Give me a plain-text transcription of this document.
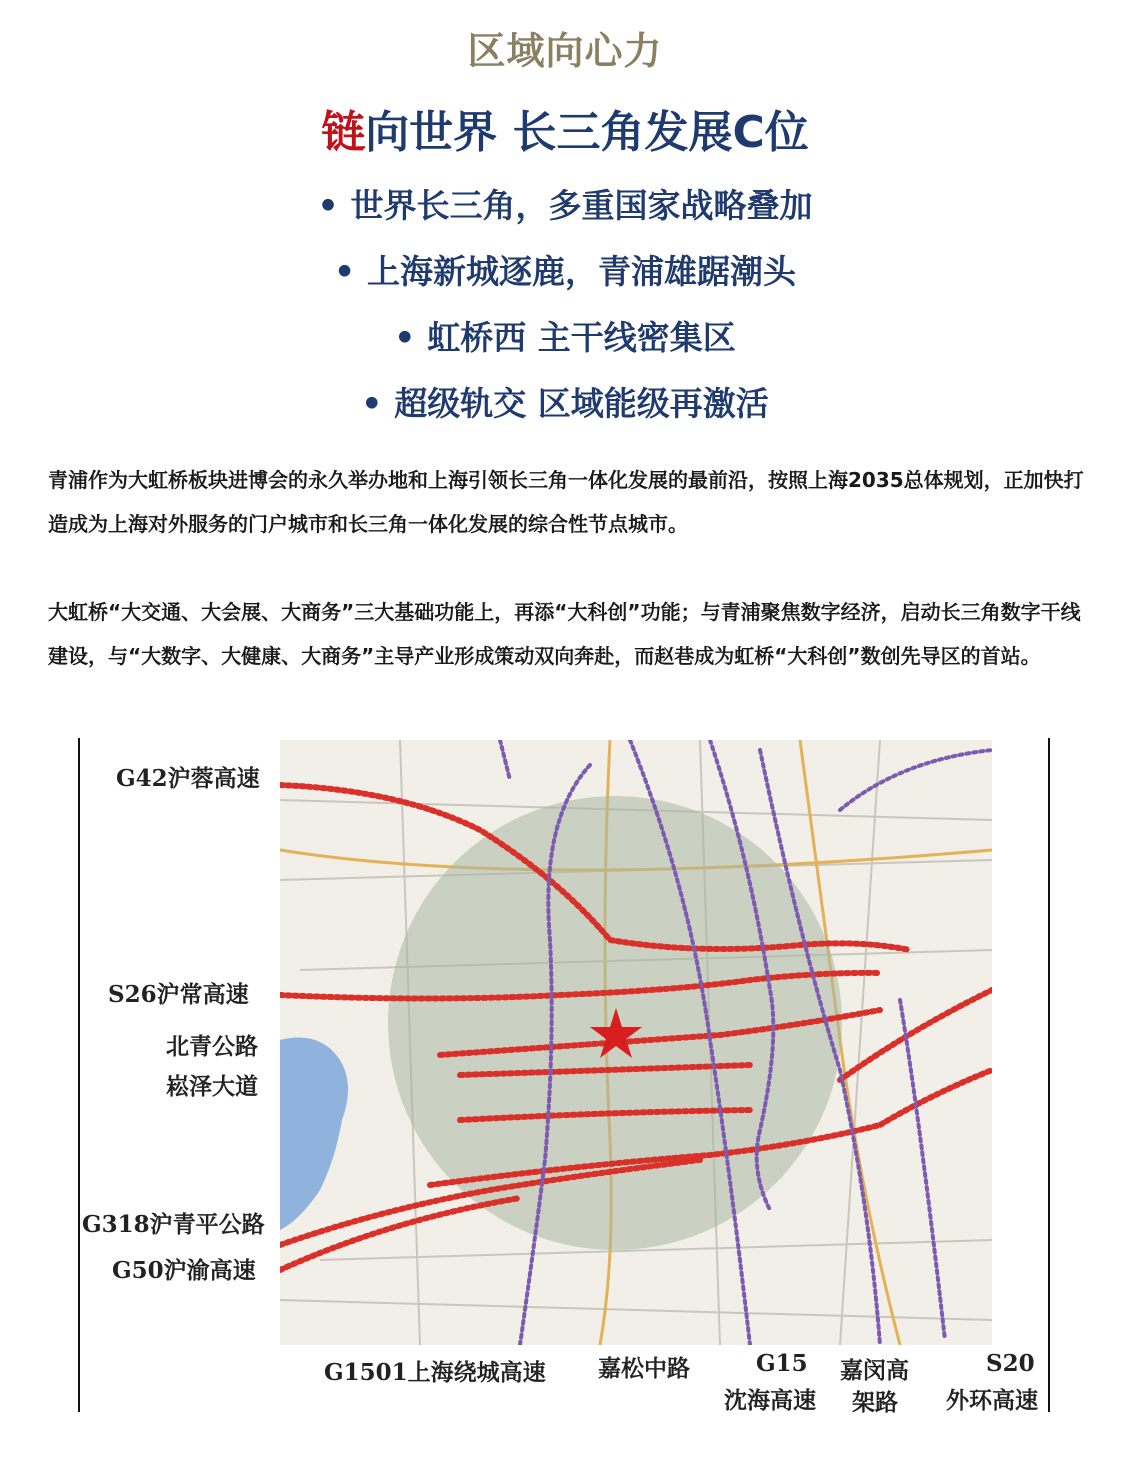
区域向心力
链向世界 长三角发展C位
• 世界长三角，多重国家战略叠加
• 上海新城逐鹿，青浦雄踞潮头
• 虹桥西 主干线密集区
• 超级轨交 区域能级再激活

青浦作为大虹桥板块进博会的永久举办地和上海引领长三角一体化发展的最前沿，按照上海2035总体规划，正加快打造成为上海对外服务的门户城市和长三角一体化发展的综合性节点城市。

大虹桥“大交通、大会展、大商务”三大基础功能上，再添“大科创”功能；与青浦聚焦数字经济，启动长三角数字干线建设，与“大数字、大健康、大商务”主导产业形成策动双向奔赴，而赵巷成为虹桥“大科创”数创先导区的首站。

G42沪蓉高速
S26沪常高速
北青公路
崧泽大道
G318沪青平公路
G50沪渝高速
G1501上海绕城高速 嘉松中路	G15
沈海高速
嘉闵高
架路
S20
外环高速
